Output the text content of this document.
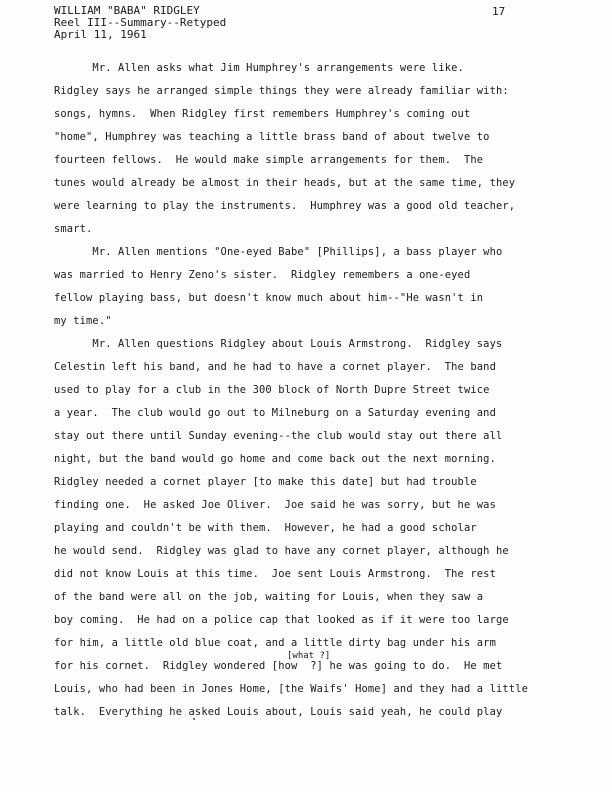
WILLIAM "BABA" RIDGLEY
Reel III--Summary--Retyped
April 11, 1961
17
Mr. Allen asks what Jim Humphrey's arrangements were like.
Ridgley says he arranged simple things they were already familiar with:
songs, hymns.  When Ridgley first remembers Humphrey's coming out
"home", Humphrey was teaching a little brass band of about twelve to
fourteen fellows.  He would make simple arrangements for them.  The
tunes would already be almost in their heads, but at the same time, they
were learning to play the instruments.  Humphrey was a good old teacher,
smart.
Mr. Allen mentions "One-eyed Babe" [Phillips], a bass player who
was married to Henry Zeno's sister.  Ridgley remembers a one-eyed
fellow playing bass, but doesn't know much about him--"He wasn't in
my time."
Mr. Allen questions Ridgley about Louis Armstrong.  Ridgley says
Celestin left his band, and he had to have a cornet player.  The band
used to play for a club in the 300 block of North Dupre Street twice
a year.  The club would go out to Milneburg on a Saturday evening and
stay out there until Sunday evening--the club would stay out there all
night, but the band would go home and come back out the next morning.
Ridgley needed a cornet player [to make this date] but had trouble
finding one.  He asked Joe Oliver.  Joe said he was sorry, but he was
playing and couldn't be with them.  However, he had a good scholar
he would send.  Ridgley was glad to have any cornet player, although he
did not know Louis at this time.  Joe sent Louis Armstrong.  The rest
of the band were all on the job, waiting for Louis, when they saw a
boy coming.  He had on a police cap that looked as if it were too large
for him, a little old blue coat, and a little dirty bag under his arm
[what ?]
for his cornet.  Ridgley wondered [how  ?] he was going to do.  He met
Louis, who had been in Jones Home, [the Waifs' Home] and they had a little
talk.  Everything he asked Louis about, Louis said yeah, he could play
